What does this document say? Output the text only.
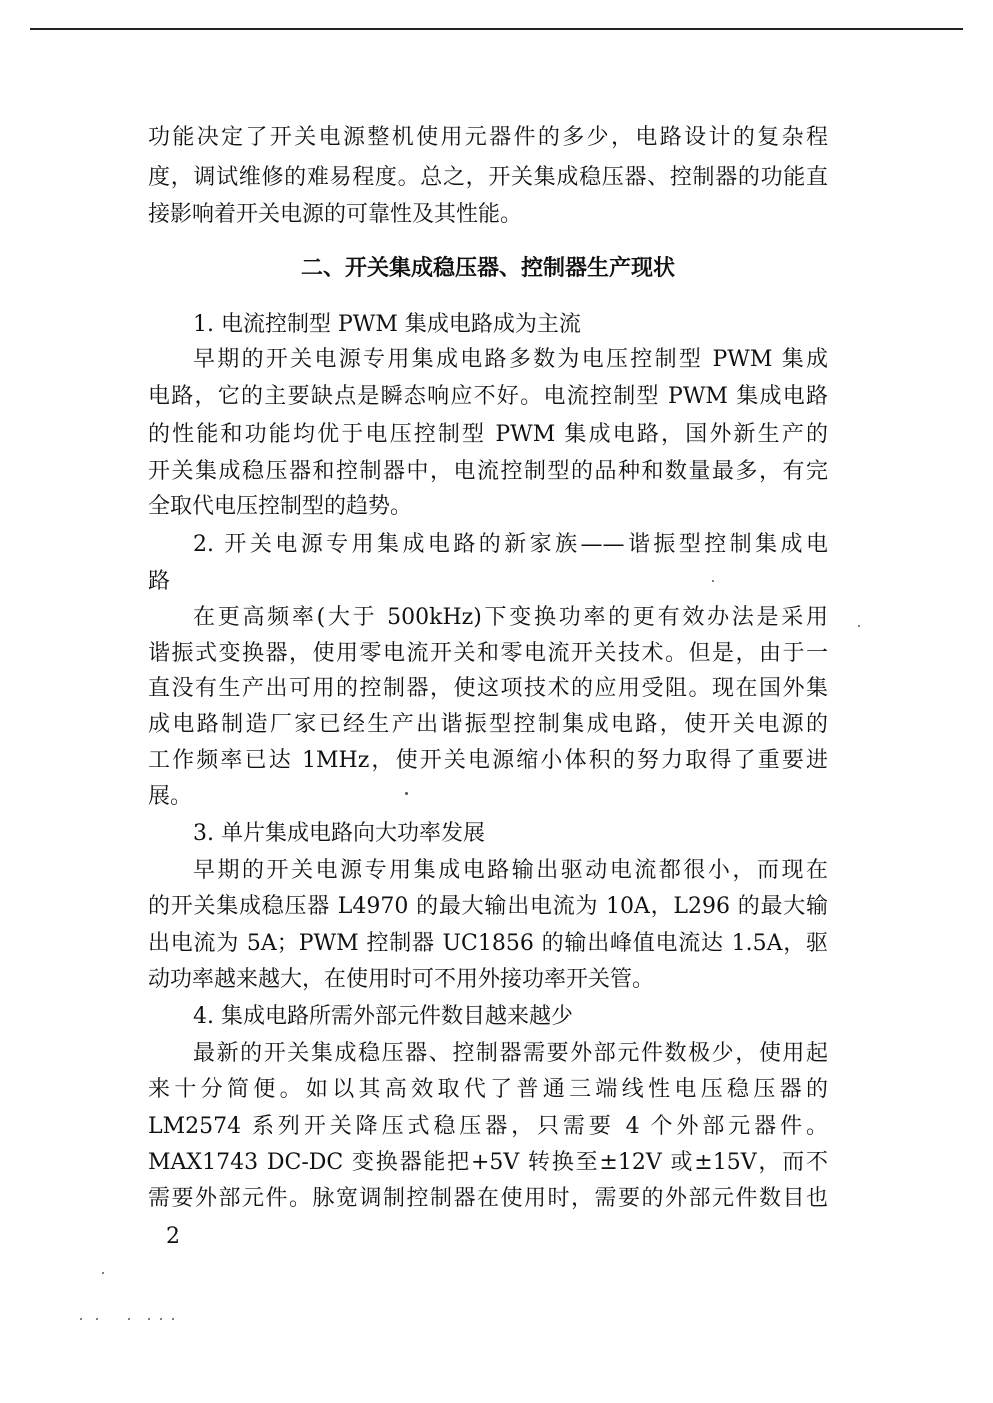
功能决定了开关电源整机使用元器件的多少，电路设计的复杂程
度，调试维修的难易程度。总之，开关集成稳压器、控制器的功能直
接影响着开关电源的可靠性及其性能。
二、开关集成稳压器、控制器生产现状
1. 电流控制型 PWM 集成电路成为主流
早期的开关电源专用集成电路多数为电压控制型 PWM 集成
电路，它的主要缺点是瞬态响应不好。电流控制型 PWM 集成电路
的性能和功能均优于电压控制型 PWM 集成电路，国外新生产的
开关集成稳压器和控制器中，电流控制型的品种和数量最多，有完
全取代电压控制型的趋势。
2. 开关电源专用集成电路的新家族——谐振型控制集成电
路
在更高频率(大于 500kHz)下变换功率的更有效办法是采用
谐振式变换器，使用零电流开关和零电流开关技术。但是，由于一
直没有生产出可用的控制器，使这项技术的应用受阻。现在国外集
成电路制造厂家已经生产出谐振型控制集成电路，使开关电源的
工作频率已达 1MHz，使开关电源缩小体积的努力取得了重要进
展。
3. 单片集成电路向大功率发展
早期的开关电源专用集成电路输出驱动电流都很小，而现在
的开关集成稳压器 L4970 的最大输出电流为 10A，L296 的最大输
出电流为 5A；PWM 控制器 UC1856 的输出峰值电流达 1.5A，驱
动功率越来越大，在使用时可不用外接功率开关管。
4. 集成电路所需外部元件数目越来越少
最新的开关集成稳压器、控制器需要外部元件数极少，使用起
来十分简便。如以其高效取代了普通三端线性电压稳压器的
LM2574 系列开关降压式稳压器，只需要 4 个外部元器件。
MAX1743 DC-DC 变换器能把+5V 转换至±12V 或±15V，而不
需要外部元件。脉宽调制控制器在使用时，需要的外部元件数目也
2
